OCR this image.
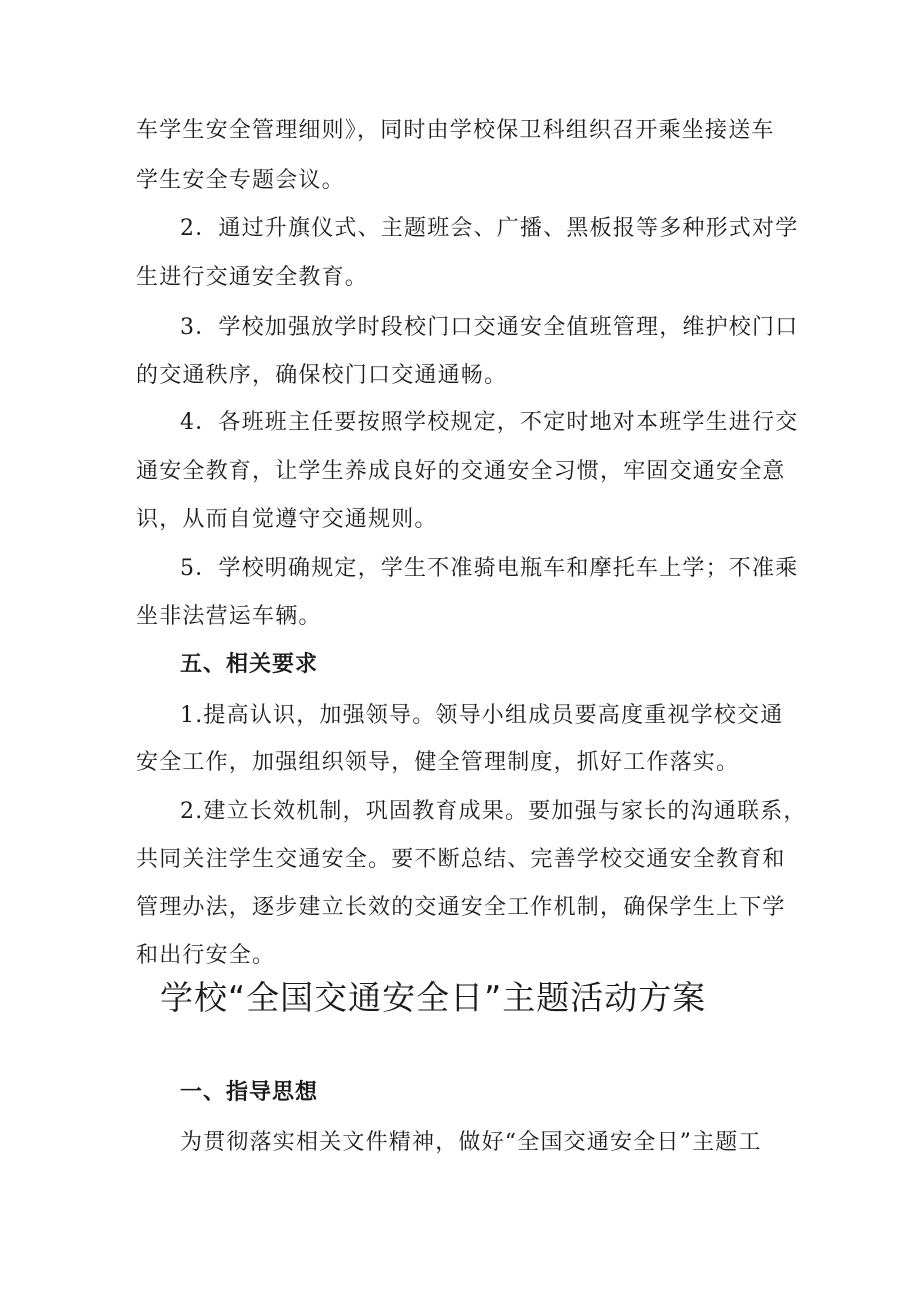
车学生安全管理细则》，同时由学校保卫科组织召开乘坐接送车
学生安全专题会议。
2．通过升旗仪式、主题班会、广播、黑板报等多种形式对学
生进行交通安全教育。
3．学校加强放学时段校门口交通安全值班管理，维护校门口
的交通秩序，确保校门口交通通畅。
4．各班班主任要按照学校规定，不定时地对本班学生进行交
通安全教育，让学生养成良好的交通安全习惯，牢固交通安全意
识，从而自觉遵守交通规则。
5．学校明确规定，学生不准骑电瓶车和摩托车上学；不准乘
坐非法营运车辆。
五、相关要求
1.提高认识，加强领导。领导小组成员要高度重视学校交通
安全工作，加强组织领导，健全管理制度，抓好工作落实。
2.建立长效机制，巩固教育成果。要加强与家长的沟通联系，
共同关注学生交通安全。要不断总结、完善学校交通安全教育和
管理办法，逐步建立长效的交通安全工作机制，确保学生上下学
和出行安全。
学校“全国交通安全日”主题活动方案
一、指导思想
为贯彻落实相关文件精神，做好“全国交通安全日”主题工
